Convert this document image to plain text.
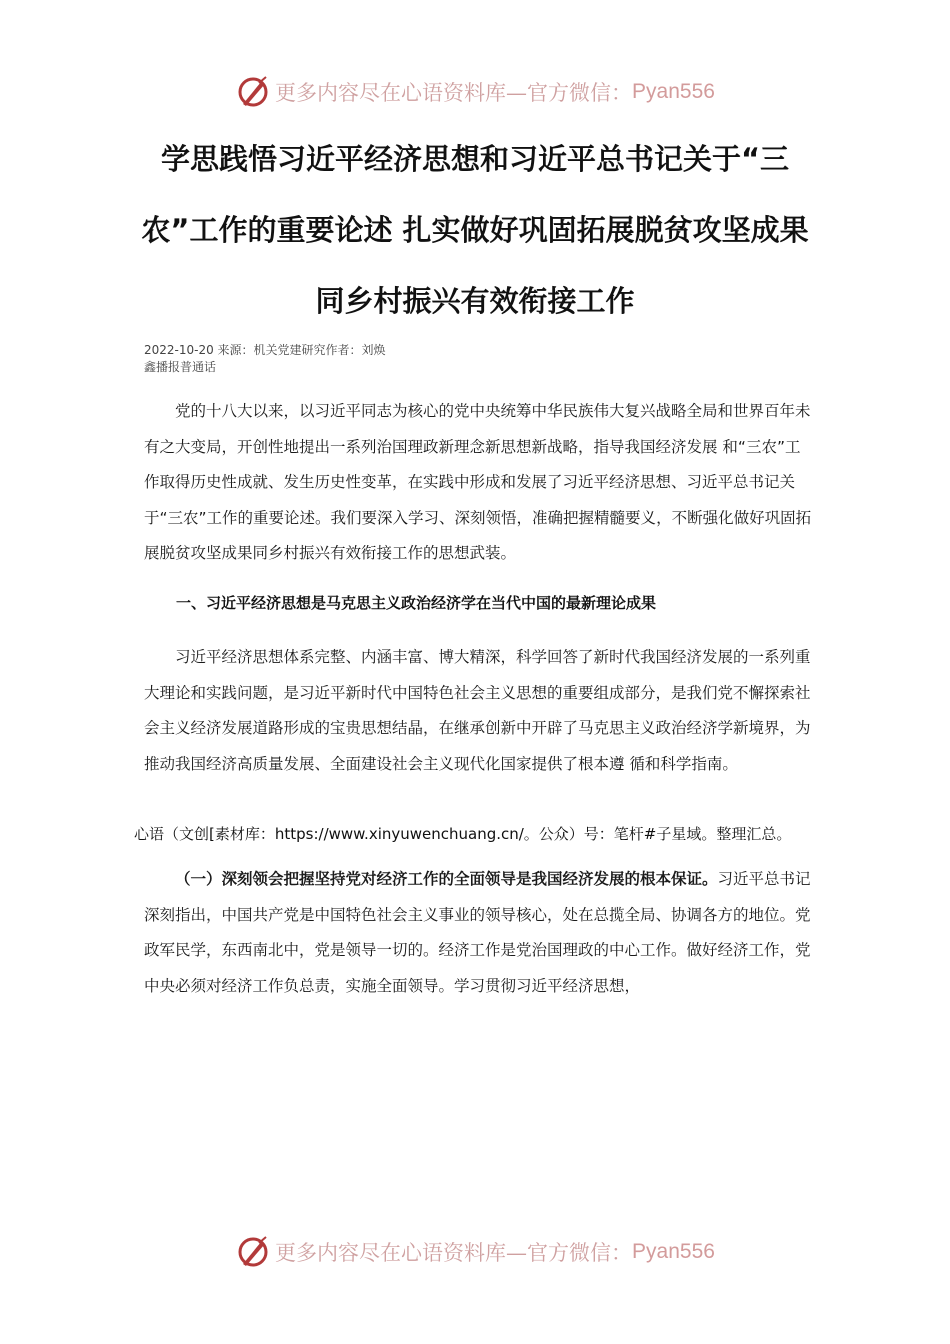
更多内容尽在心语资料库—官方微信： Pyan556
学思践悟习近平经济思想和习近平总书记关于“三农”工作的重要论述 扎实做好巩固拓展脱贫攻坚成果同乡村振兴有效衔接工作
2022-10-20 来源：机关党建研究作者：刘焕
鑫播报普通话

党的十八大以来，以习近平同志为核心的党中央统筹中华民族伟大复兴战略全局和世界百年未有之大变局，开创性地提出一系列治国理政新理念新思想新战略，指导我国经济发展 和“三农”工作取得历史性成就、发生历史性变革，在实践中形成和发展了习近平经济思想、习近平总书记关于“三农”工作的重要论述。我们要深入学习、深刻领悟，准确把握精髓要义，不断强化做好巩固拓展脱贫攻坚成果同乡村振兴有效衔接工作的思想武装。

一、习近平经济思想是马克思主义政治经济学在当代中国的最新理论成果

习近平经济思想体系完整、内涵丰富、博大精深，科学回答了新时代我国经济发展的一系列重大理论和实践问题，是习近平新时代中国特色社会主义思想的重要组成部分，是我们党不懈探索社会主义经济发展道路形成的宝贵思想结晶，在继承创新中开辟了马克思主义政治经济学新境界，为推动我国经济高质量发展、全面建设社会主义现代化国家提供了根本遵 循和科学指南。

心语（文创[素材库：https://www.xinyuwenchuang.cn/。公众）号：笔杆#子星域。整理汇总。

（一）深刻领会把握坚持党对经济工作的全面领导是我国经济发展的根本保证。习近平总书记深刻指出，中国共产党是中国特色社会主义事业的领导核心，处在总揽全局、协调各方的地位。党政军民学，东西南北中，党是领导一切的。经济工作是党治国理政的中心工作。做好经济工作，党中央必须对经济工作负总责，实施全面领导。学习贯彻习近平经济思想，

更多内容尽在心语资料库—官方微信： Pyan556
